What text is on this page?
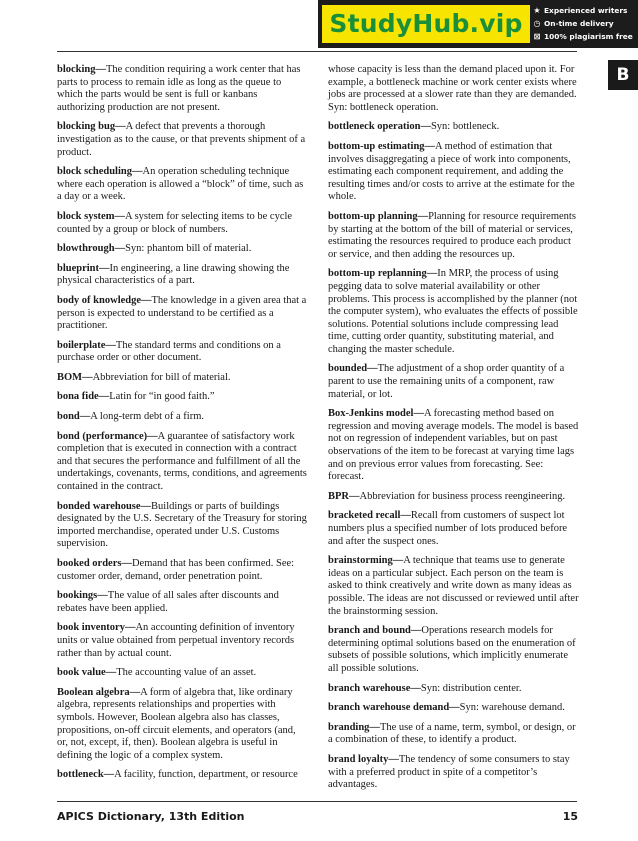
StudyHub.vip	★ Experienced writers
◷ On-time delivery
⊠ 100% plagiarism free
B

blocking—The condition requiring a work center that has parts to process to remain idle as long as the queue to which the parts would be sent is full or kanbans authorizing production are not present.

blocking bug—A defect that prevents a thorough investigation as to the cause, or that prevents shipment of a product.

block scheduling—An operation scheduling technique where each operation is allowed a “block” of time, such as a day or a week.

block system—A system for selecting items to be cycle counted by a group or block of numbers.

blowthrough—Syn: phantom bill of material.

blueprint—In engineering, a line drawing showing the physical characteristics of a part.

body of knowledge—The knowledge in a given area that a person is expected to understand to be certified as a practitioner.

boilerplate—The standard terms and conditions on a purchase order or other document.

BOM—Abbreviation for bill of material.

bona fide—Latin for “in good faith.”

bond—A long-term debt of a firm.

bond (performance)—A guarantee of satisfactory work completion that is executed in connection with a contract and that secures the performance and fulfillment of all the undertakings, covenants, terms, conditions, and agreements contained in the contract.

bonded warehouse—Buildings or parts of buildings designated by the U.S. Secretary of the Treasury for storing imported merchandise, operated under U.S. Customs supervision.

booked orders—Demand that has been confirmed. See: customer order, demand, order penetration point.

bookings—The value of all sales after discounts and rebates have been applied.

book inventory—An accounting definition of inventory units or value obtained from perpetual inventory records rather than by actual count.

book value—The accounting value of an asset.

Boolean algebra—A form of algebra that, like ordinary algebra, represents relationships and properties with symbols. However, Boolean algebra also has classes, propositions, on-off circuit elements, and operators (and, or, not, except, if, then). Boolean algebra is useful in defining the logic of a complex system.

bottleneck—A facility, function, department, or resource

whose capacity is less than the demand placed upon it. For example, a bottleneck machine or work center exists where jobs are processed at a slower rate than they are demanded. Syn: bottleneck operation.

bottleneck operation—Syn: bottleneck.

bottom-up estimating—A method of estimation that involves disaggregating a piece of work into components, estimating each component requirement, and adding the resulting times and/or costs to arrive at the estimate for the whole.

bottom-up planning—Planning for resource requirements by starting at the bottom of the bill of material or services, estimating the resources required to produce each product or service, and then adding the resources up.

bottom-up replanning—In MRP, the process of using pegging data to solve material availability or other problems. This process is accomplished by the planner (not the computer system), who evaluates the effects of possible solutions. Potential solutions include compressing lead time, cutting order quantity, substituting material, and changing the master schedule.

bounded—The adjustment of a shop order quantity of a parent to use the remaining units of a component, raw material, or lot.

Box-Jenkins model—A forecasting method based on regression and moving average models. The model is based not on regression of independent variables, but on past observations of the item to be forecast at varying time lags and on previous error values from forecasting. See: forecast.

BPR—Abbreviation for business process reengineering.

bracketed recall—Recall from customers of suspect lot numbers plus a specified number of lots produced before and after the suspect ones.

brainstorming—A technique that teams use to generate ideas on a particular subject. Each person on the team is asked to think creatively and write down as many ideas as possible. The ideas are not discussed or reviewed until after the brainstorming session.

branch and bound—Operations research models for determining optimal solutions based on the enumeration of subsets of possible solutions, which implicitly enumerate all possible solutions.

branch warehouse—Syn: distribution center.

branch warehouse demand—Syn: warehouse demand.

branding—The use of a name, term, symbol, or design, or a combination of these, to identify a product.

brand loyalty—The tendency of some consumers to stay with a preferred product in spite of a competitor’s advantages.

APICS Dictionary, 13th Edition	15
